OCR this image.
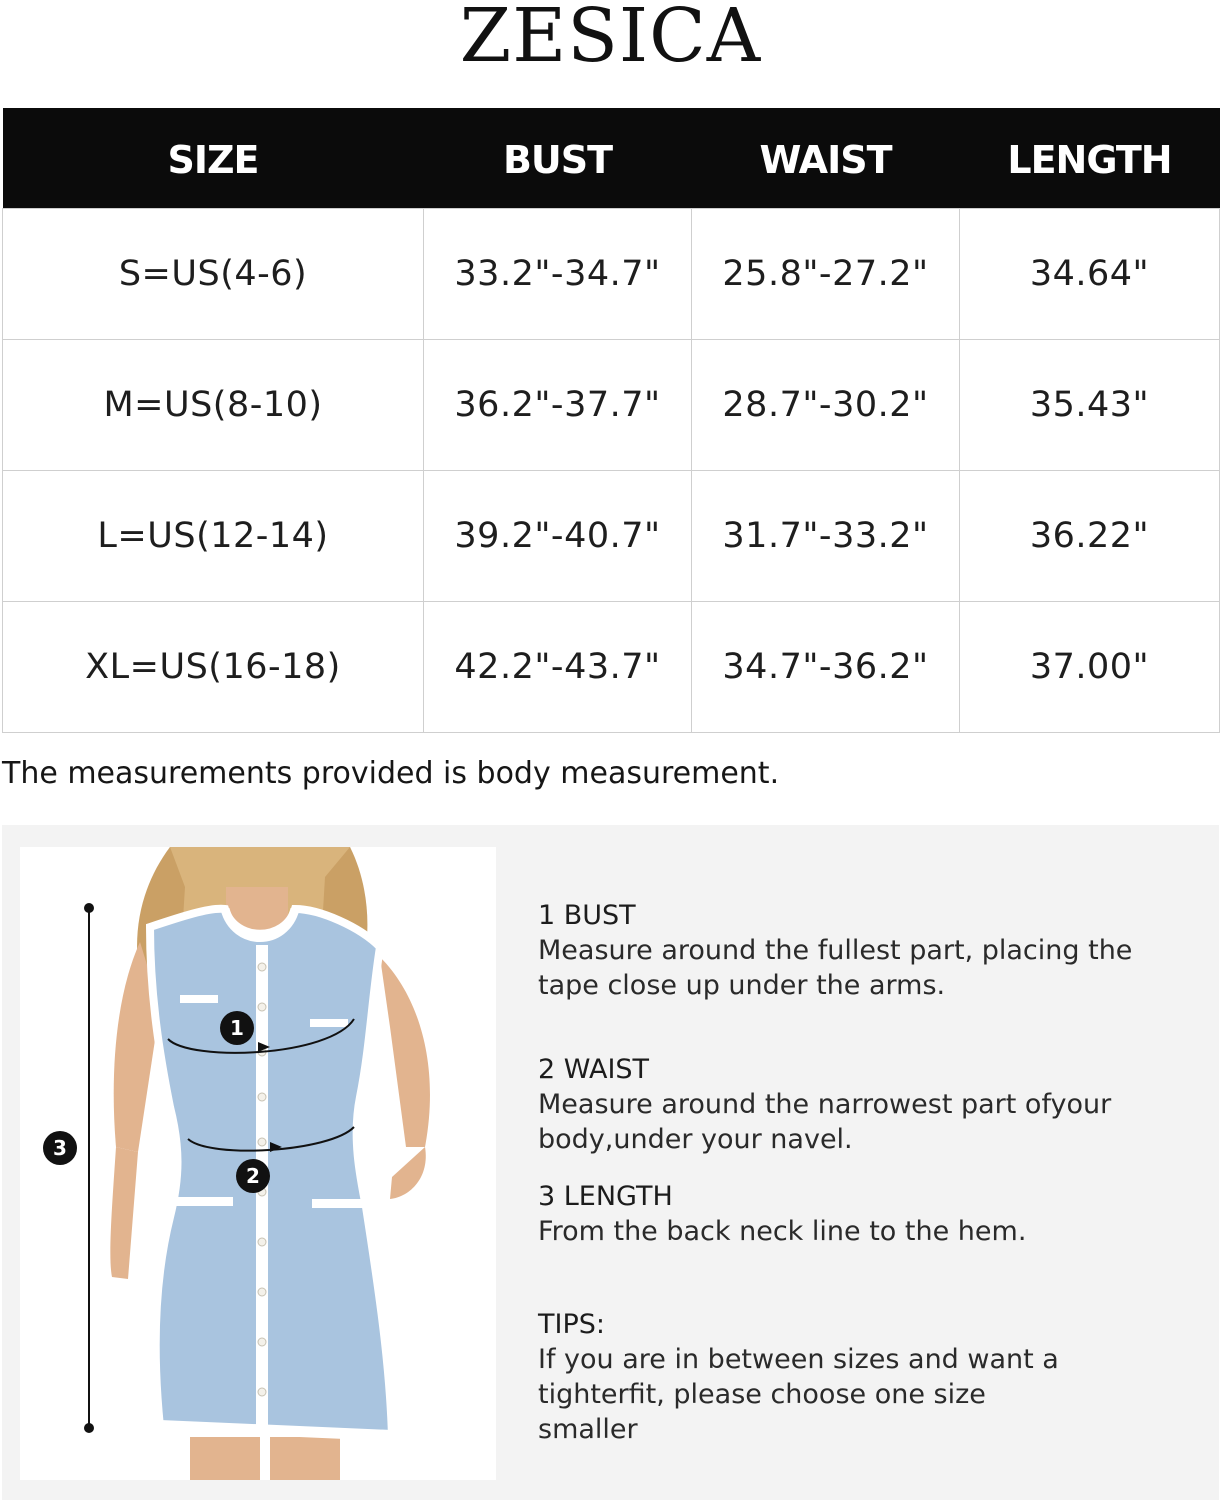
ZESICA
SIZE	BUST	WAIST	LENGTH
S=US(4-6)	33.2"-34.7"	25.8"-27.2"	34.64"
M=US(8-10)	36.2"-37.7"	28.7"-30.2"	35.43"
L=US(12-14)	39.2"-40.7"	31.7"-33.2"	36.22"
XL=US(16-18)	42.2"-43.7"	34.7"-36.2"	37.00"
The measurements provided is body measurement.
1
2
3
1 BUST
Measure around the fullest part, placing the tape close up under the arms.
2 WAIST
Measure around the narrowest part ofyour body,under your navel.
3 LENGTH
From the back neck line to the hem.
TIPS:
If you are in between sizes and want a tighterfit, please choose one size smaller
